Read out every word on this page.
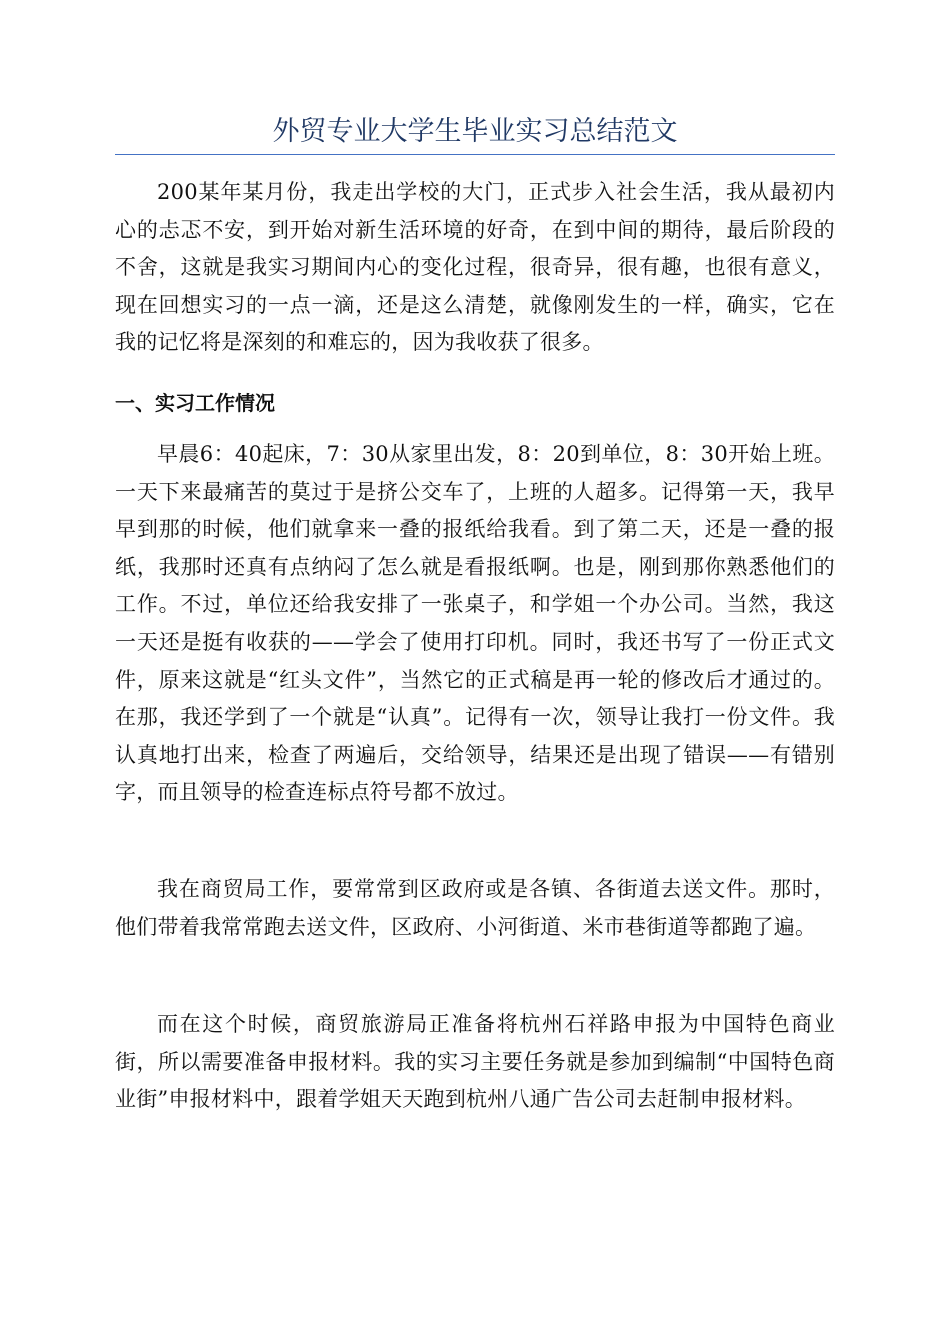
外贸专业大学生毕业实习总结范文

200某年某月份，我走出学校的大门，正式步入社会生活，我从最初内心的忐忑不安，到开始对新生活环境的好奇，在到中间的期待，最后阶段的不舍，这就是我实习期间内心的变化过程，很奇异，很有趣，也很有意义，现在回想实习的一点一滴，还是这么清楚，就像刚发生的一样，确实，它在我的记忆将是深刻的和难忘的，因为我收获了很多。

一、实习工作情况

早晨6：40起床，7：30从家里出发，8：20到单位，8：30开始上班。一天下来最痛苦的莫过于是挤公交车了，上班的人超多。记得第一天，我早早到那的时候，他们就拿来一叠的报纸给我看。到了第二天，还是一叠的报纸，我那时还真有点纳闷了怎么就是看报纸啊。也是，刚到那你熟悉他们的工作。不过，单位还给我安排了一张桌子，和学姐一个办公司。当然，我这一天还是挺有收获的——学会了使用打印机。同时，我还书写了一份正式文件，原来这就是“红头文件”，当然它的正式稿是再一轮的修改后才通过的。在那，我还学到了一个就是“认真”。记得有一次，领导让我打一份文件。我认真地打出来，检查了两遍后，交给领导，结果还是出现了错误——有错别字，而且领导的检查连标点符号都不放过。

我在商贸局工作，要常常到区政府或是各镇、各街道去送文件。那时，他们带着我常常跑去送文件，区政府、小河街道、米市巷街道等都跑了遍。

而在这个时候，商贸旅游局正准备将杭州石祥路申报为中国特色商业街，所以需要准备申报材料。我的实习主要任务就是参加到编制“中国特色商业街”申报材料中，跟着学姐天天跑到杭州八通广告公司去赶制申报材料。
